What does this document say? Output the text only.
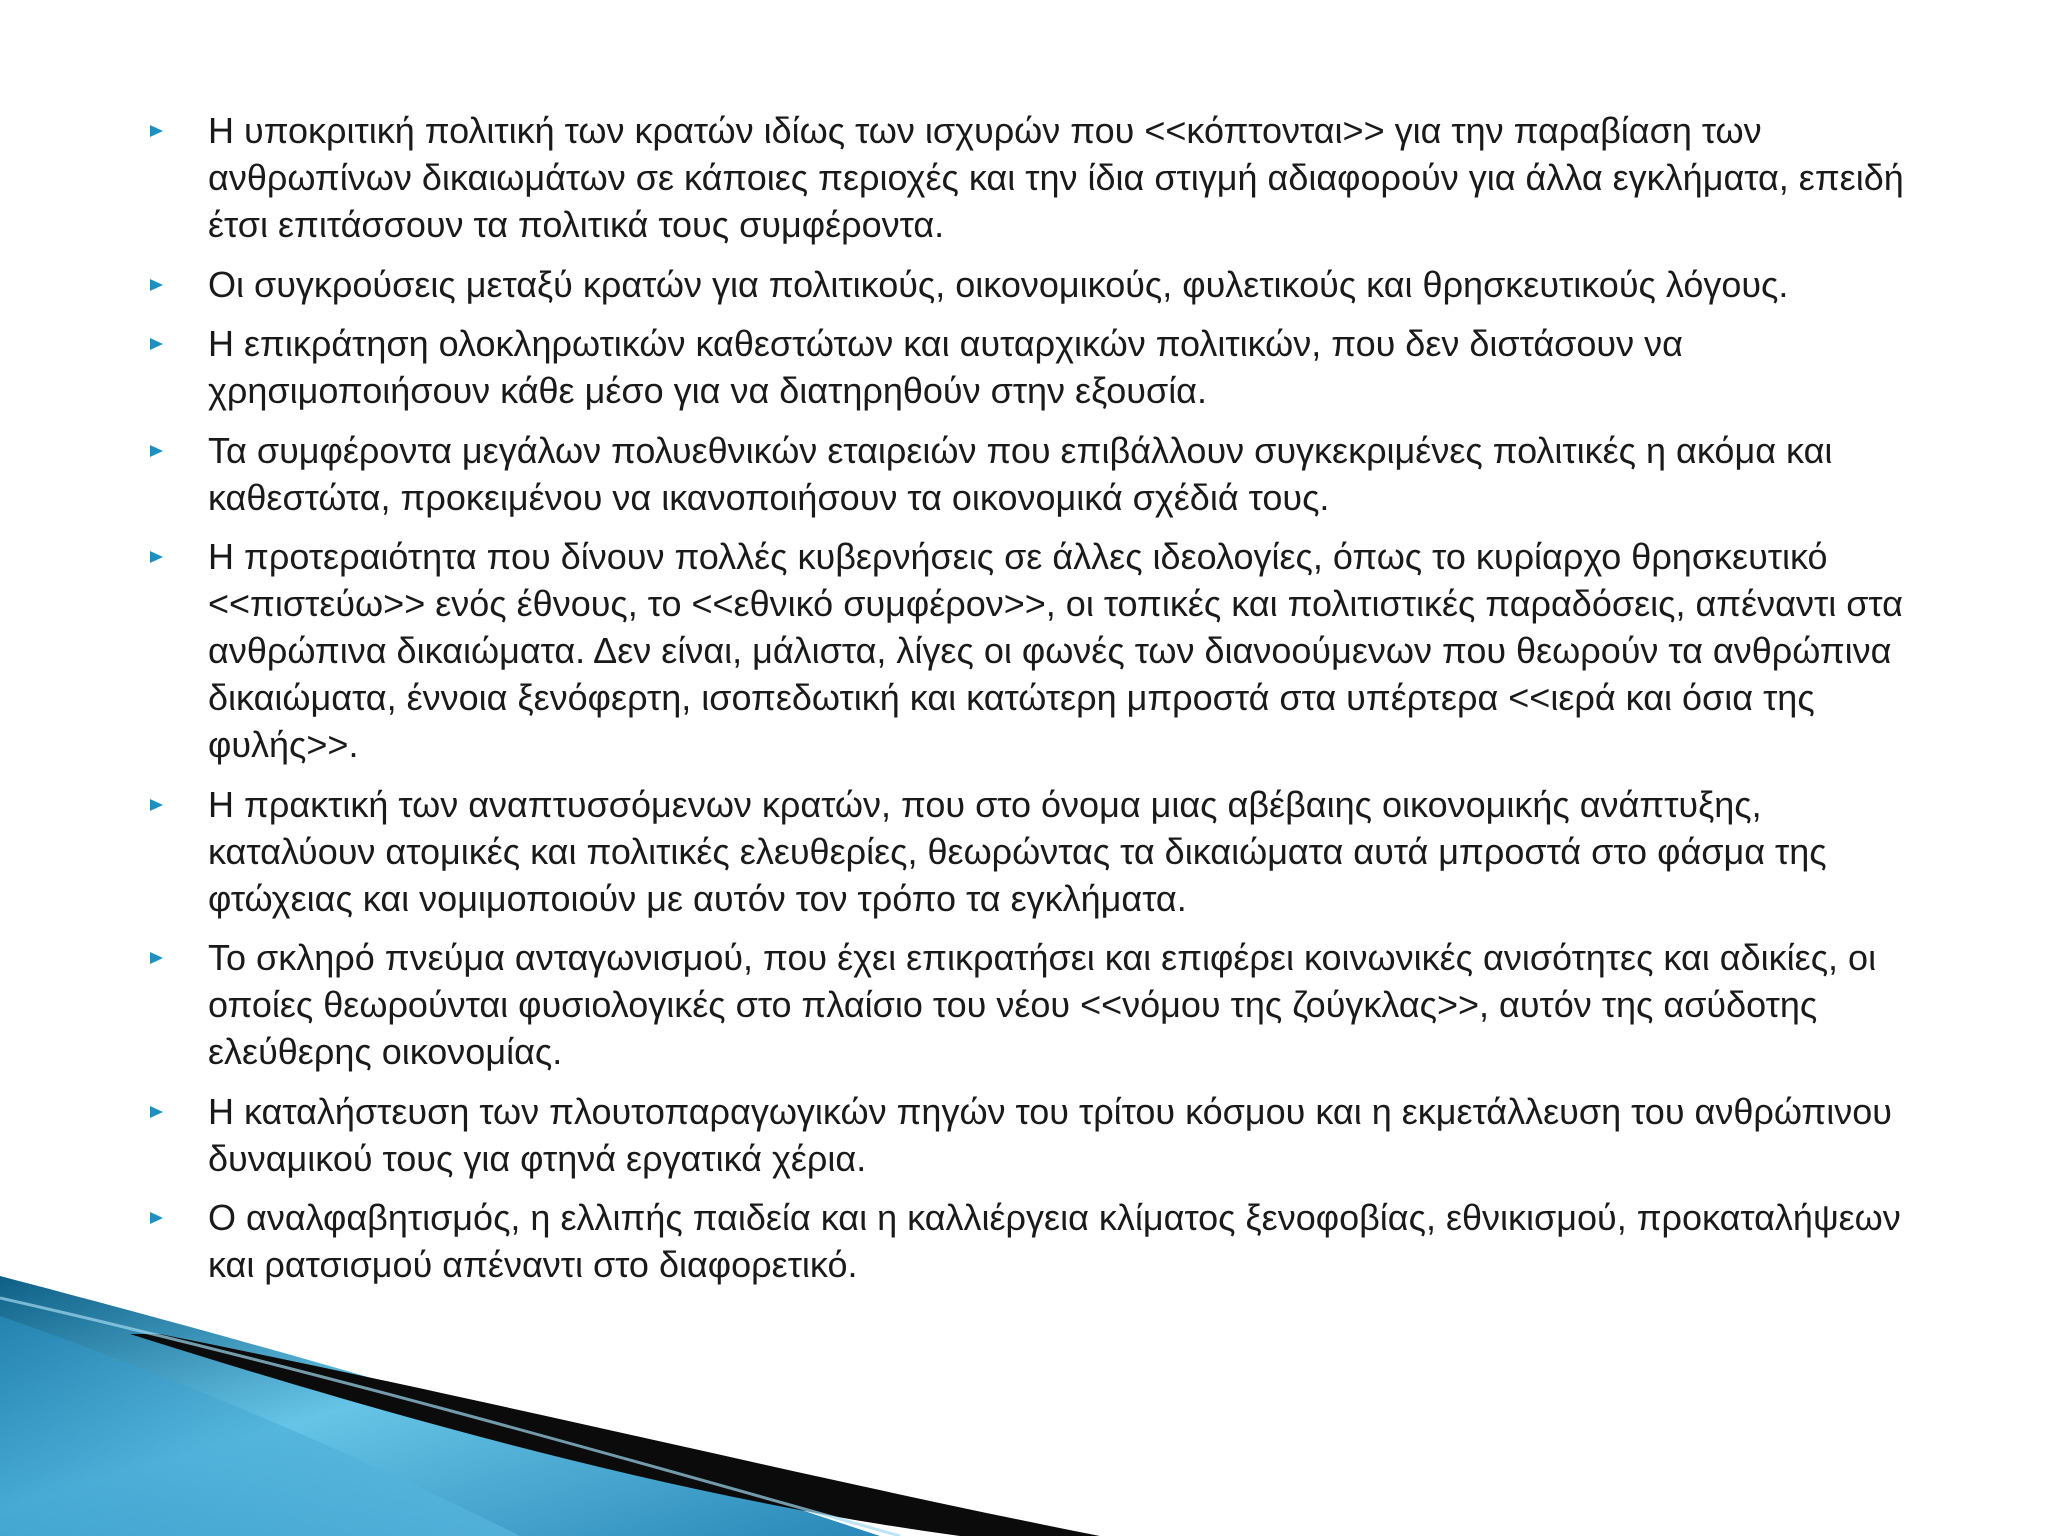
Η υποκριτική πολιτική των κρατών ιδίως των ισχυρών που <<κόπτονται>> για την παραβίαση των ανθρωπίνων δικαιωμάτων σε κάποιες περιοχές και την ίδια στιγμή αδιαφορούν για άλλα εγκλήματα, επειδή έτσι επιτάσσουν τα πολιτικά τους συμφέροντα.
Οι συγκρούσεις μεταξύ κρατών για πολιτικούς, οικονομικούς, φυλετικούς και θρησκευτικούς λόγους.
Η επικράτηση ολοκληρωτικών καθεστώτων και αυταρχικών πολιτικών, που δεν διστάσουν να χρησιμοποιήσουν κάθε μέσο για να διατηρηθούν στην εξουσία.
Τα συμφέροντα μεγάλων πολυεθνικών εταιρειών που επιβάλλουν συγκεκριμένες πολιτικές η ακόμα και καθεστώτα, προκειμένου να ικανοποιήσουν τα οικονομικά σχέδιά τους.
Η προτεραιότητα που δίνουν πολλές κυβερνήσεις σε άλλες ιδεολογίες, όπως το κυρίαρχο θρησκευτικό <<πιστεύω>> ενός έθνους, το <<εθνικό συμφέρον>>, οι τοπικές και πολιτιστικές παραδόσεις, απέναντι στα ανθρώπινα δικαιώματα. Δεν είναι, μάλιστα, λίγες οι φωνές των διανοούμενων που θεωρούν τα ανθρώπινα δικαιώματα, έννοια ξενόφερτη, ισοπεδωτική και κατώτερη μπροστά στα υπέρτερα <<ιερά και όσια της φυλής>>.
Η πρακτική των αναπτυσσόμενων κρατών, που στο όνομα μιας αβέβαιης οικονομικής ανάπτυξης, καταλύουν ατομικές και πολιτικές ελευθερίες, θεωρώντας τα δικαιώματα αυτά μπροστά στο φάσμα της φτώχειας και νομιμοποιούν με αυτόν τον τρόπο τα εγκλήματα.
Το σκληρό πνεύμα ανταγωνισμού, που έχει επικρατήσει και επιφέρει κοινωνικές ανισότητες και αδικίες, οι οποίες θεωρούνται φυσιολογικές στο πλαίσιο του νέου <<νόμου της ζούγκλας>>, αυτόν της ασύδοτης ελεύθερης οικονομίας.
Η καταλήστευση των πλουτοπαραγωγικών πηγών του τρίτου κόσμου και η εκμετάλλευση του ανθρώπινου δυναμικού τους για φτηνά εργατικά χέρια.
Ο αναλφαβητισμός, η ελλιπής παιδεία και η καλλιέργεια κλίματος ξενοφοβίας, εθνικισμού, προκαταλήψεων και ρατσισμού απέναντι στο διαφορετικό.
